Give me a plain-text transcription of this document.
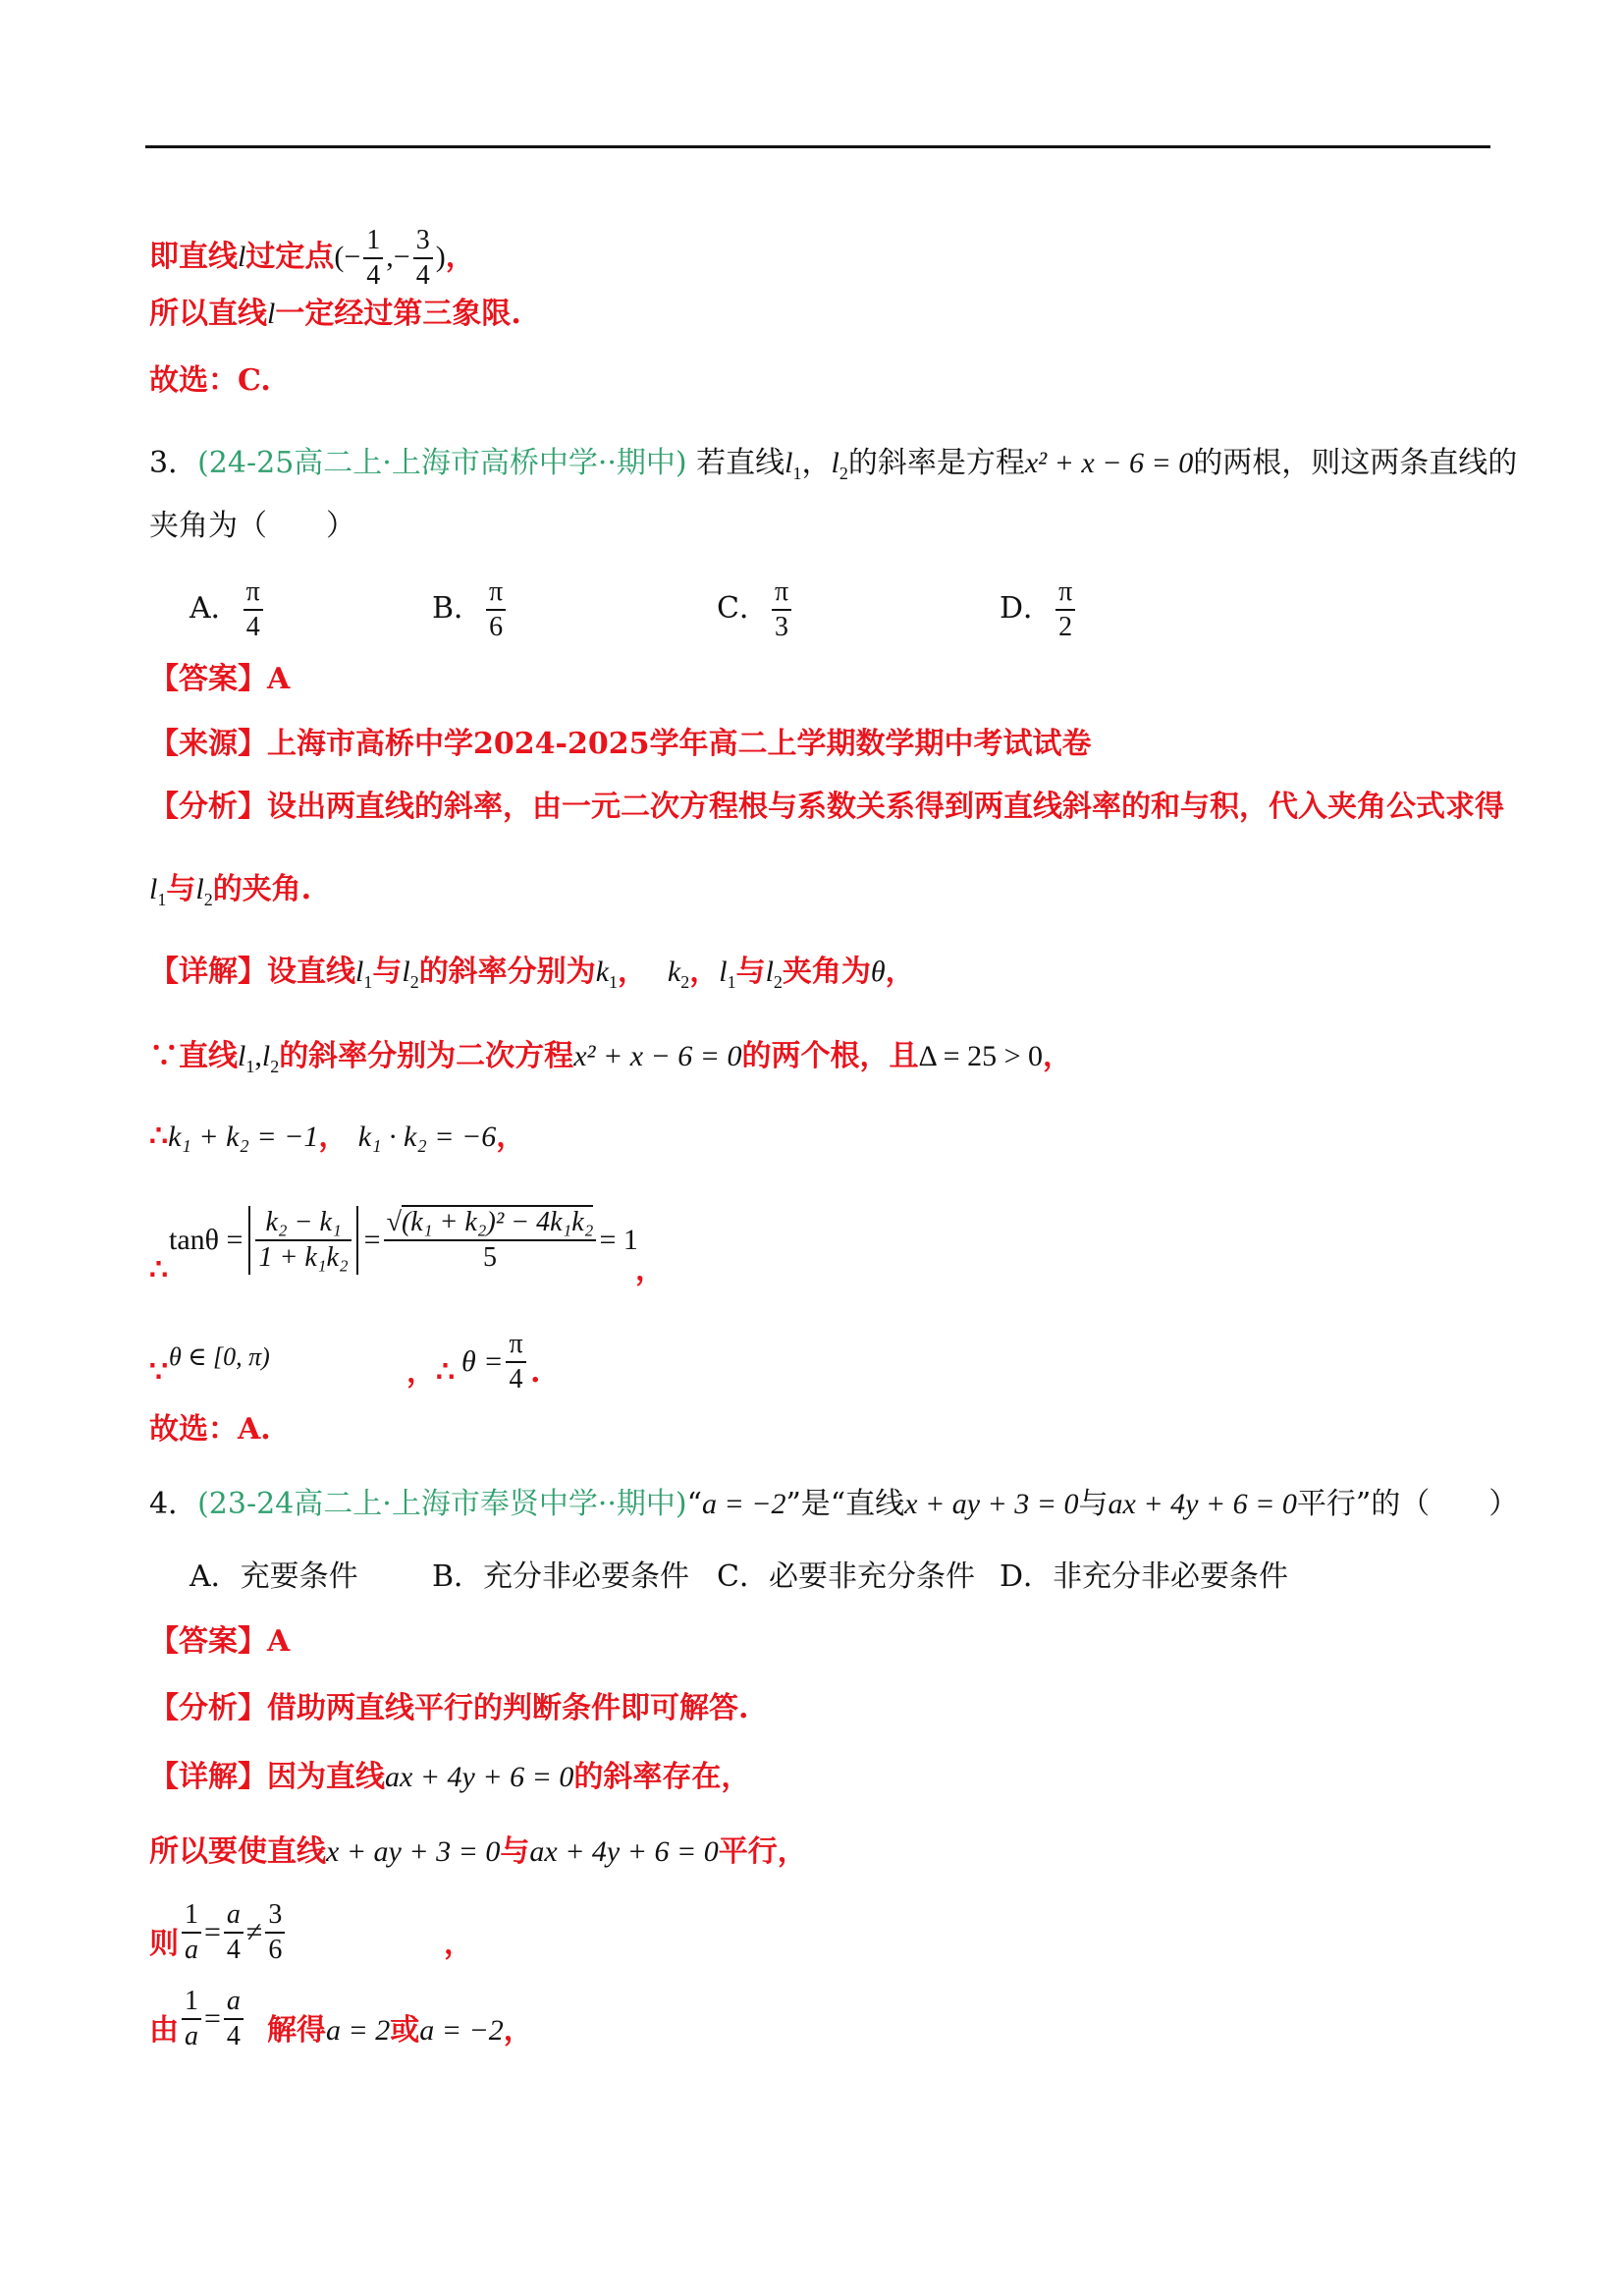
即直线l过定点(− $\frac{1}{4}$ ,− $\frac{3}{4}$ )，
所以直线l一定经过第三象限.
故选：C.
3．(24-25高二上·上海市高桥中学··期中) 若直线$l_1$，$l_2$的斜率是方程x² + x − 6 = 0的两根，则这两条直线的
夹角为（　　）
A． $\frac{\pi}{4}$	B． $\frac{\pi}{6}$	C． $\frac{\pi}{3}$	D． $\frac{\pi}{2}$
【答案】A
【来源】上海市高桥中学2024-2025学年高二上学期数学期中考试试卷
【分析】设出两直线的斜率，由一元二次方程根与系数关系得到两直线斜率的和与积，代入夹角公式求得
$l_1$与$l_2$的夹角.
【详解】设直线$l_1$与$l_2$的斜率分别为$k_1$， $k_2$，$l_1$与$l_2$夹角为θ，
∵直线$l_1,l_2$的斜率分别为二次方程x² + x − 6 = 0的两个根，且Δ = 25 > 0，
∴k₁ + k₂ = −1， k₁ · k₂ = −6，
∴
$\tan\theta = \frac{\text{k₂ − k₁}}{\text{1 + k₁k₂}} = \frac{\text{√(k₁ + k₂)² − 4k₁k₂}}{5} = 1$
，
∵ θ ∈ [0, π)	， ∴ $\theta = \frac{\pi}{4}$ .
故选：A.
4．(23-24高二上·上海市奉贤中学··期中)“a = −2”是“直线x + ay + 3 = 0与ax + 4y + 6 = 0平行”的（　　）
A．充要条件	B．充分非必要条件 C．必要非充分条件 D．非充分非必要条件
【答案】A
【分析】借助两直线平行的判断条件即可解答.
【详解】因为直线ax + 4y + 6 = 0的斜率存在，
所以要使直线x + ay + 3 = 0与ax + 4y + 6 = 0平行，
则 $\frac{1}{a} = \frac{a}{4} \ne \frac{3}{6}$	，
由 $\frac{1}{a} = \frac{a}{4}$ 解得a = 2或a = −2，
